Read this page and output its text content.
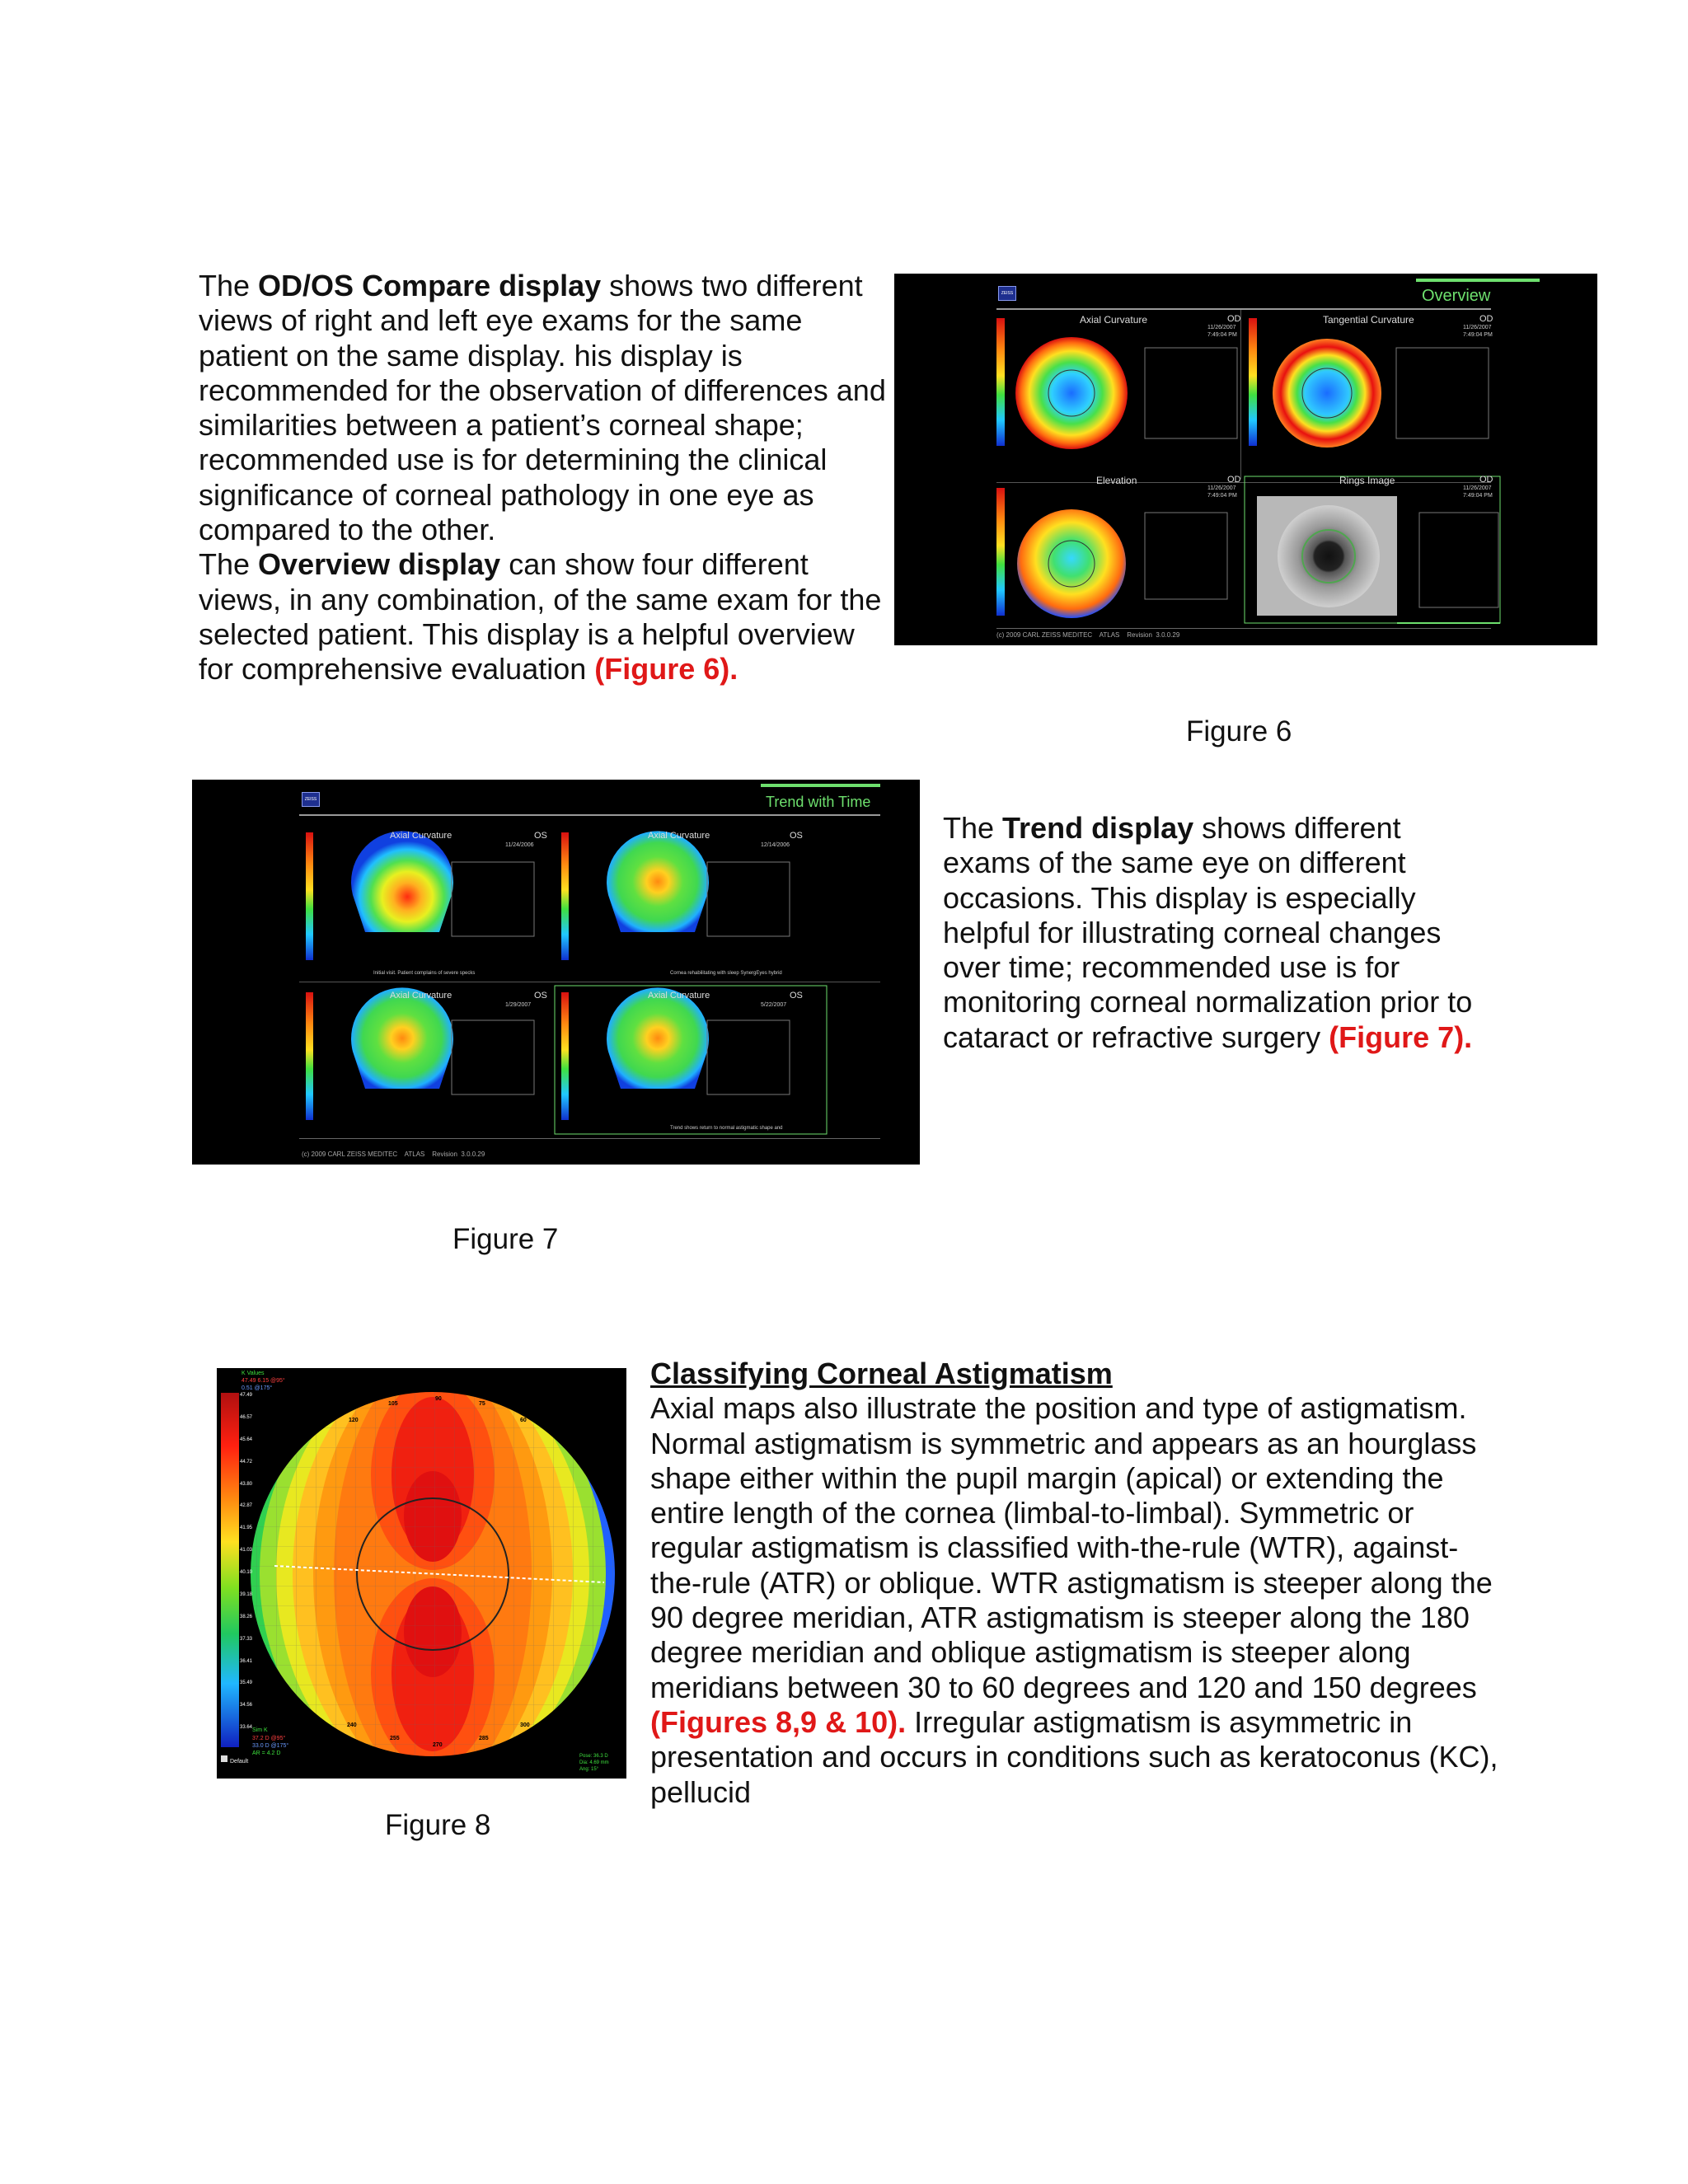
The OD/OS Compare display shows two different views of right and left eye exams for the same patient on the same display. his display is recommended for the observation of differences and similarities between a patient’s corneal shape; recommended use is for determining the clinical significance of corneal pathology in one eye as compared to the other.
The Overview display can show four different views, in any combination, of the same exam for the selected patient. This display is a helpful overview for comprehensive evaluation (Figure 6).
ZEISS	Overview
Axial Curvature	OD
11/26/2007
7:49:04 PM
Tangential Curvature	OD
11/26/2007
7:49:04 PM
Elevation	OD
11/26/2007
7:49:04 PM
Rings Image	OD
11/26/2007
7:49:04 PM
(c) 2009 CARL ZEISS MEDITEC    ATLAS    Revision  3.0.0.29
Figure 6
ZEISS	Trend with Time
Axial Curvature	OS
11/24/2006
Initial visit. Patient complains of severe specks
Axial Curvature	OS
12/14/2006
Cornea rehabilitating with sleep SynergEyes hybrid
Axial Curvature	OS
1/29/2007
Axial Curvature	OS
5/22/2007
Trend shows return to normal astigmatic shape and
(c) 2009 CARL ZEISS MEDITEC    ATLAS    Revision  3.0.0.29
The Trend display shows different exams of the same eye on different occasions. This display is especially helpful for illustrating corneal changes over time; recommended use is for monitoring corneal normalization prior to cataract or refractive surgery (Figure 7).
Figure 7
K Values
47.49 6.15 @95°
0.51 @175°
47.49
46.57
45.64
44.72
43.80
42.87
41.95
41.03
40.10
39.18
38.26
37.33
36.41
35.49
34.56
33.64 Sim K
37.2 D @95°
33.0 D @175°
AR = 4.2 D
Default
Pose: 36.3 D
Dia: 4.69 mm
Ang: 15°
90
120
105	75
60
240
255
270
285
300
Figure 8
Classifying Corneal Astigmatism
Axial maps also illustrate the position and type of astigmatism. Normal astigmatism is symmetric and appears as an hourglass shape either within the pupil margin (apical) or extending the entire length of the cornea (limbal-to-limbal). Symmetric or regular astigmatism is classified with-the-rule (WTR), against-the-rule (ATR) or oblique. WTR astigmatism is steeper along the 90 degree meridian, ATR astigmatism is steeper along the 180 degree meridian and oblique astigmatism is steeper along meridians between 30 to 60 degrees and 120 and 150 degrees (Figures 8,9 & 10). Irregular astigmatism is asymmetric in presentation and occurs in conditions such as keratoconus (KC), pellucid
